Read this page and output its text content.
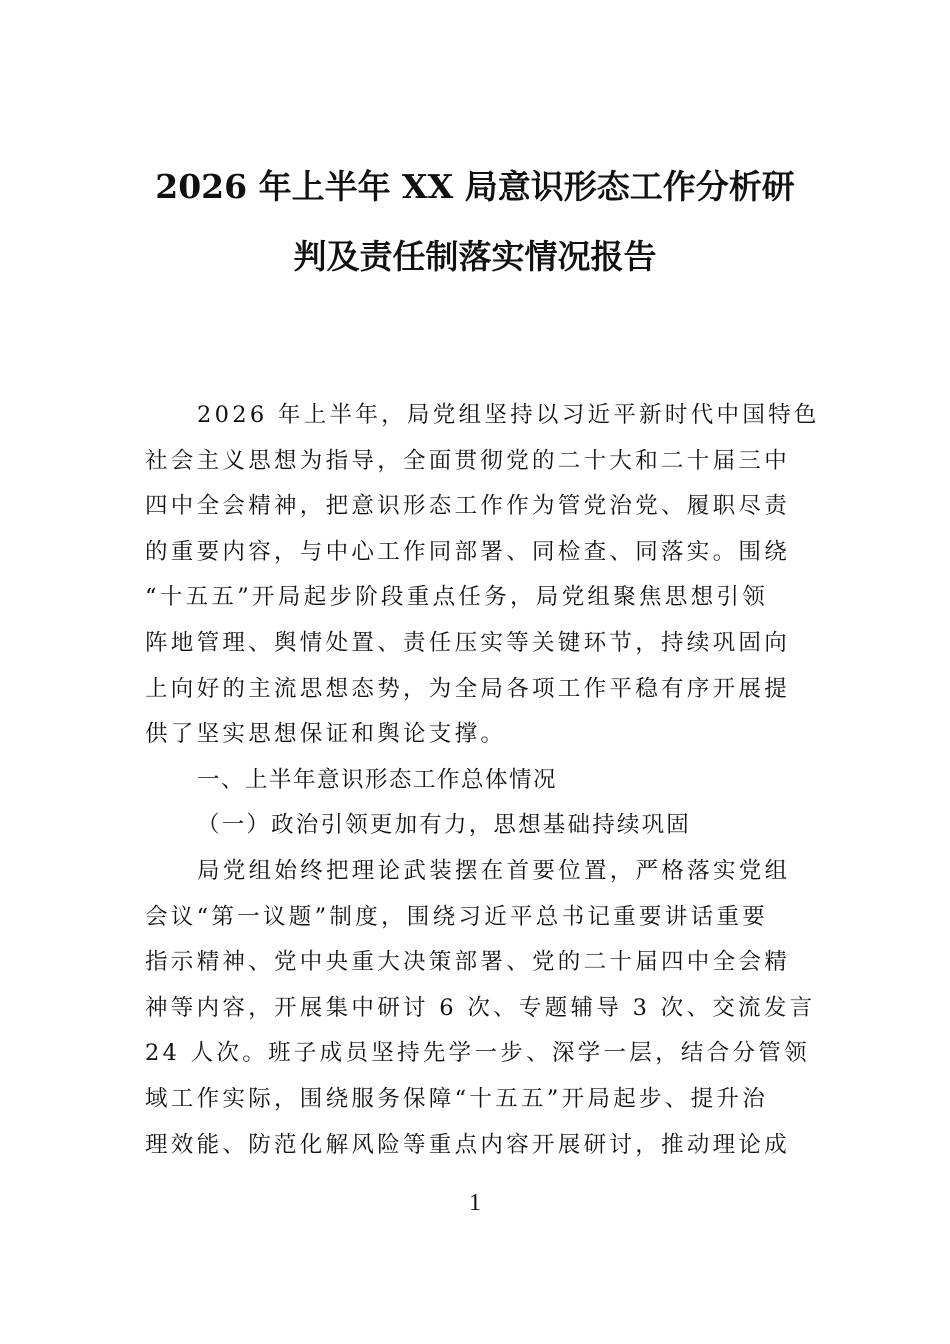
2026 年上半年 XX 局意识形态工作分析研
判及责任制落实情况报告
2026 年上半年，局党组坚持以习近平新时代中国特色
社会主义思想为指导，全面贯彻党的二十大和二十届三中
四中全会精神，把意识形态工作作为管党治党、履职尽责
的重要内容，与中心工作同部署、同检查、同落实。围绕
“十五五”开局起步阶段重点任务，局党组聚焦思想引领
阵地管理、舆情处置、责任压实等关键环节，持续巩固向
上向好的主流思想态势，为全局各项工作平稳有序开展提
供了坚实思想保证和舆论支撑。
一、上半年意识形态工作总体情况
（一）政治引领更加有力，思想基础持续巩固
局党组始终把理论武装摆在首要位置，严格落实党组
会议“第一议题”制度，围绕习近平总书记重要讲话重要
指示精神、党中央重大决策部署、党的二十届四中全会精
神等内容，开展集中研讨 6 次、专题辅导 3 次、交流发言
24 人次。班子成员坚持先学一步、深学一层，结合分管领
域工作实际，围绕服务保障“十五五”开局起步、提升治
理效能、防范化解风险等重点内容开展研讨，推动理论成
1
